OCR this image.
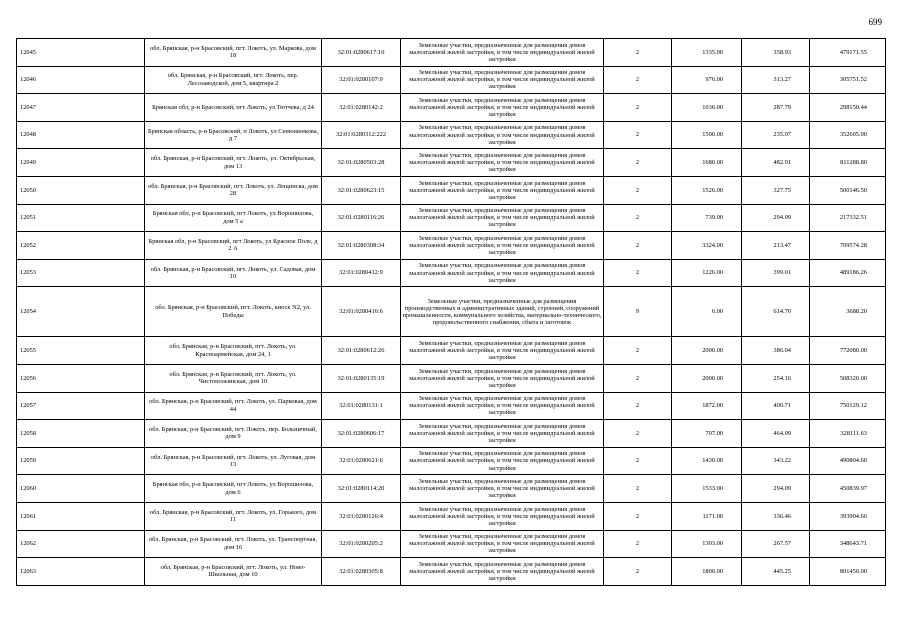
699
12045	обл. Брянская, р-н Брасовский, пгт. Локоть, ул. Маркова, дом 18	32:01:0280617:10	Земельные участки, предназначенные для размещения домов малоэтажной жилой застройки, в том числе индивидуальной жилой застройки	2	1335.00	358.93	479171.55
12046	обл. Брянская, р-н Брасовский, пгт. Локоть, пер. Лесозаводской, дом 5, квартира 2	32:01:0280107:9	Земельные участки, предназначенные для размещения домов малоэтажной жилой застройки, в том числе индивидуальной жилой застройки	2	976.00	313.27	305751.52
12047	Брянская обл, р-н Брасовский, пгт Локоть, ул Тютчева, д 24	32:01:0280142:2	Земельные участки, предназначенные для размещения домов малоэтажной жилой застройки, в том числе индивидуальной жилой застройки	2	1036.00	287.79	298150.44
12048	Брянская область, р-н Брасовский, п Локоть, ул Сенюшенкова, д 7	32:01:0280312:222	Земельные участки, предназначенные для размещения домов малоэтажной жилой застройки, в том числе индивидуальной жилой застройки	2	1500.00	235.07	352605.00
12049	обл. Брянская, р-н Брасовский, пгт. Локоть, ул. Октябрьская, дом 13	32:01:0280503:28	Земельные участки, предназначенные для размещения домов малоэтажной жилой застройки, в том числе индивидуальной жилой застройки	2	1680.00	482.91	811288.80
12050	обл. Брянская, р-н Брасовский, пгт. Локоть, ул. Лещинска, дом 28	32:01:0280623:15	Земельные участки, предназначенные для размещения домов малоэтажной жилой застройки, в том числе индивидуальной жилой застройки	2	1526.00	327.75	500146.50
12051	Брянская обл, р-н Брасовский, пгт Локоть, ул Ворошилова, дом 5 а	32:01:0280116:26	Земельные участки, предназначенные для размещения домов малоэтажной жилой застройки, в том числе индивидуальной жилой застройки	2	739.00	294.09	217332.51
12052	Брянская обл, р-н Брасовский, пгт Локоть, ул Красное Поле, д 2 А	32:01:0280308:34	Земельные участки, предназначенные для размещения домов малоэтажной жилой застройки, в том числе индивидуальной жилой застройки	2	3324.00	213.47	709574.28
12053	обл. Брянская, р-н Брасовский, пгт. Локоть, ул. Садовая, дом 10	32:01:0280412:9	Земельные участки, предназначенные для размещения домов малоэтажной жилой застройки, в том числе индивидуальной жилой застройки	2	1226.00	399.01	489186.26
12054	обл. Брянская, р-н Брасовский, пгт. Локоть, киоск N2, ул. Победы	32:01:0280416:6	Земельные участки, предназначенные для размещения производственных и административных зданий, строений, сооружений промышленности, коммунального хозяйства, материально-технического, продовольственного снабжения, сбыта и заготовок	9	6.00	614.70	3688.20
12055	обл. Брянская, р-н Брасовский, пгт. Локоть, ул. Красноармейская, дом 24, 1	32:01:0280612:26	Земельные участки, предназначенные для размещения домов малоэтажной жилой застройки, в том числе индивидуальной жилой застройки	2	2000.00	386.04	772080.00
12056	обл. Брянская, р-н Брасовский, пгт. Локоть, ул. Чистопольянская, дом 10	32:01:0280135:19	Земельные участки, предназначенные для размещения домов малоэтажной жилой застройки, в том числе индивидуальной жилой застройки	2	2000.00	254.16	508320.00
12057	обл. Брянская, р-н Брасовский, пгт. Локоть, ул. Парковая, дом 44	32:01:0280131:1	Земельные участки, предназначенные для размещения домов малоэтажной жилой застройки, в том числе индивидуальной жилой застройки	2	1872.00	400.71	750129.12
12058	обл. Брянская, р-н Брасовский, пгт. Локоть, пер. Больничный, дом 9	32:01:0280606:17	Земельные участки, предназначенные для размещения домов малоэтажной жилой застройки, в том числе индивидуальной жилой застройки	2	707.00	464.09	328111.63
12059	обл. Брянская, р-н Брасовский, пгт. Локоть, ул. Луговая, дом 13	32:01:0280621:6	Земельные участки, предназначенные для размещения домов малоэтажной жилой застройки, в том числе индивидуальной жилой застройки	2	1430.00	343.22	490804.60
12060	Брянская обл, р-н Брасовский, пгт Локоть, ул Ворошилова, дом 6	32:01:0280114:20	Земельные участки, предназначенные для размещения домов малоэтажной жилой застройки, в том числе индивидуальной жилой застройки	2	1533.00	294.09	450839.97
12061	обл. Брянская, р-н Брасовский, пгт. Локоть, ул. Горького, дом 11	32:01:0280126:4	Земельные участки, предназначенные для размещения домов малоэтажной жилой застройки, в том числе индивидуальной жилой застройки	2	1171.00	336.46	393994.66
12062	обл. Брянская, р-н Брасовский, пгт. Локоть, ул. Транспортная, дом 16	32:01:0280205:2	Земельные участки, предназначенные для размещения домов малоэтажной жилой застройки, в том числе индивидуальной жилой застройки	2	1303.00	267.57	348643.71
12063	обл. Брянская, р-н Брасовский, пгт. Локоть, ул. Ново-Школьная, дом 10	32:01:0280305:8	Земельные участки, предназначенные для размещения домов малоэтажной жилой застройки, в том числе индивидуальной жилой застройки	2	1800.00	445.25	801450.00
